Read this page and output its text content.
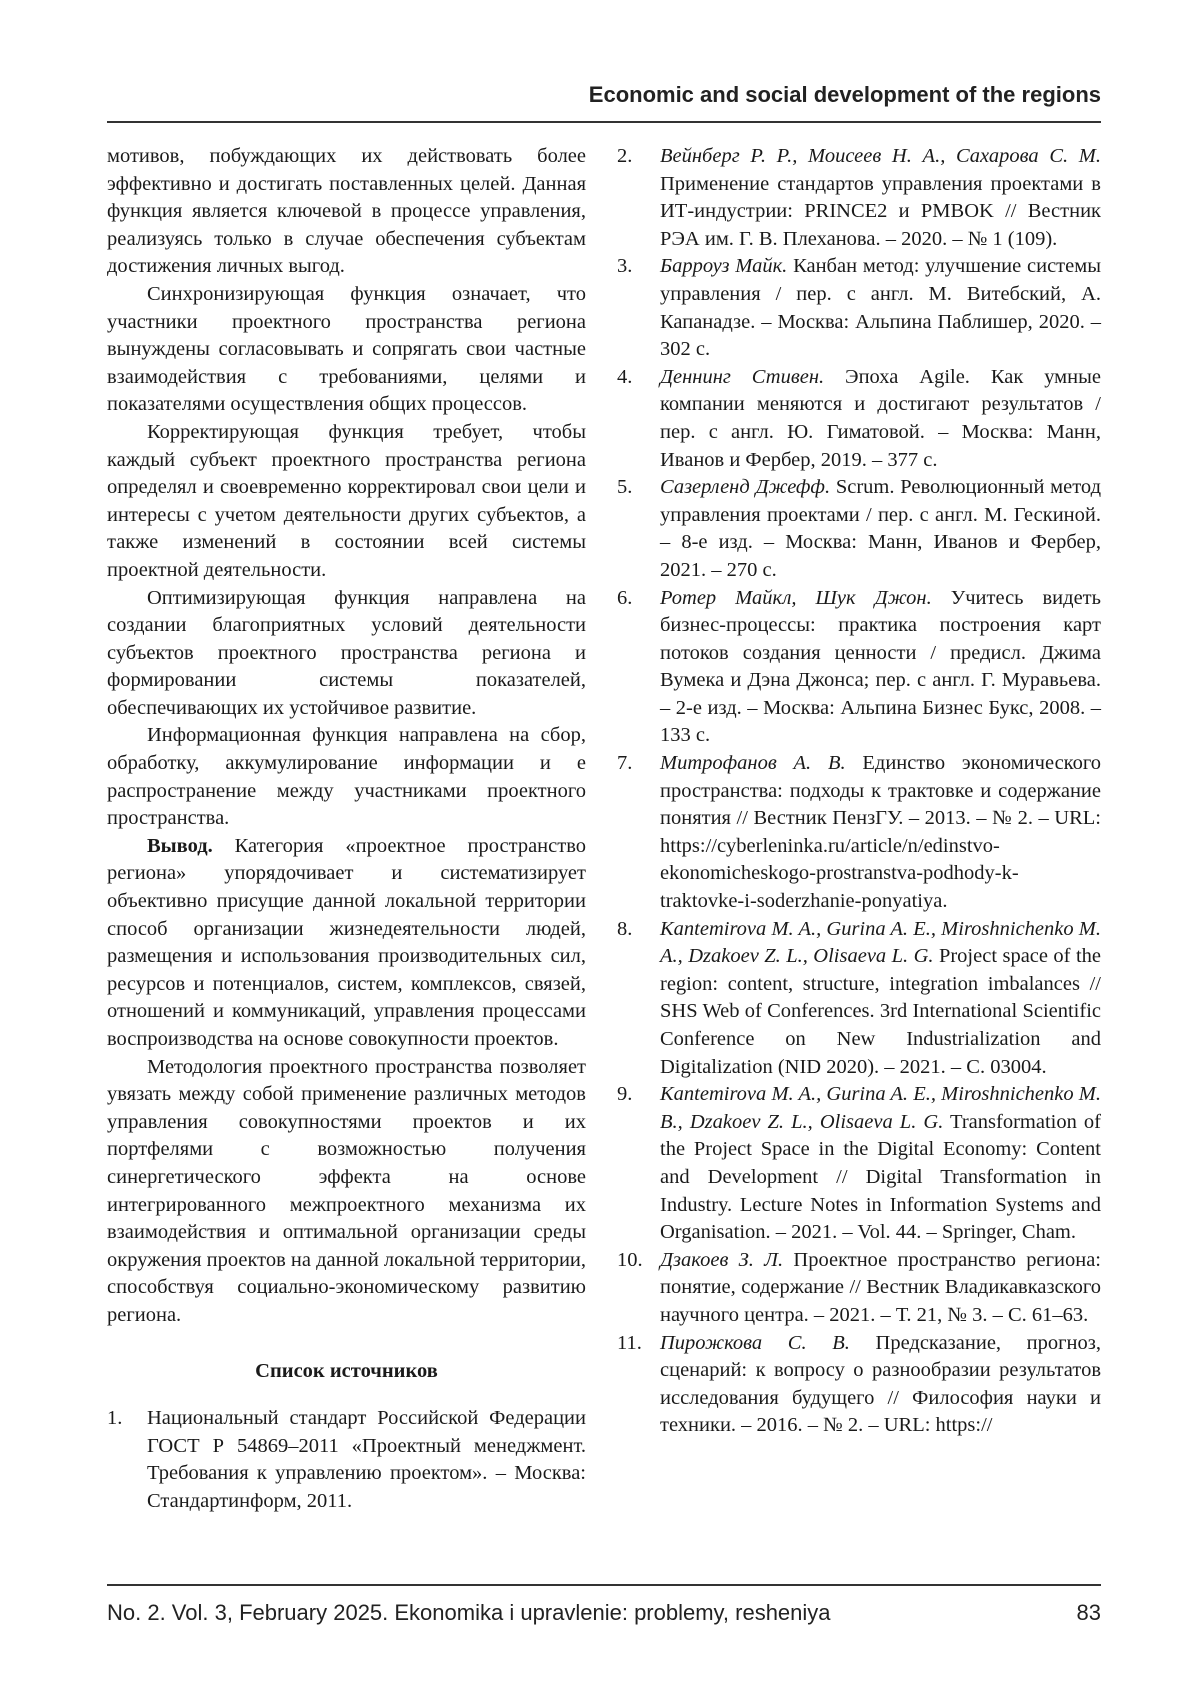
Economic and social development of the regions

мотивов, побуждающих их действовать более эффективно и достигать поставленных целей. Данная функция является ключевой в процессе управления, реализуясь только в случае обеспечения субъектам достижения личных выгод.

Синхронизирующая функция означает, что участники проектного пространства региона вынуждены согласовывать и сопрягать свои частные взаимодействия с требованиями, целями и показателями осуществления общих процессов.

Корректирующая функция требует, чтобы каждый субъект проектного пространства региона определял и своевременно корректировал свои цели и интересы с учетом деятельности других субъектов, а также изменений в состоянии всей системы проектной деятельности.

Оптимизирующая функция направлена на создании благоприятных условий деятельности субъектов проектного пространства региона и формировании системы показателей, обеспечивающих их устойчивое развитие.

Информационная функция направлена на сбор, обработку, аккумулирование информации и е распространение между участниками проектного пространства.

Вывод. Категория «проектное пространство региона» упорядочивает и систематизирует объективно присущие данной локальной территории способ организации жизнедеятельности людей, размещения и использования производительных сил, ресурсов и потенциалов, систем, комплексов, связей, отношений и коммуникаций, управления процессами воспроизводства на основе совокупности проектов.

Методология проектного пространства позволяет увязать между собой применение различных методов управления совокупностями проектов и их портфелями с возможностью получения синергетического эффекта на основе интегрированного межпроектного механизма их взаимодействия и оптимальной организации среды окружения проектов на данной локальной территории, способствуя социально-экономическому развитию региона.

Список источников
1.	Национальный стандарт Российской Федерации ГОСТ Р 54869–2011 «Проектный менеджмент. Требования к управлению проектом». – Москва: Стандартинформ, 2011.
2.	Вейнберг Р. Р., Моисеев Н. А., Сахарова С. М. Применение стандартов управления проектами в ИТ-индустрии: PRINCE2 и PMBOK // Вестник РЭА им. Г. В. Плеханова. – 2020. – № 1 (109).
3.	Барроуз Майк. Канбан метод: улучшение системы управления / пер. с англ. М. Витебский, А. Капанадзе. – Москва: Альпина Паблишер, 2020. – 302 с.
4.	Деннинг Стивен. Эпоха Agile. Как умные компании меняются и достигают результатов / пер. с англ. Ю. Гиматовой. – Москва: Манн, Иванов и Фербер, 2019. – 377 с.
5.	Сазерленд Джефф. Scrum. Революционный метод управления проектами / пер. с англ. М. Гескиной. – 8-е изд. – Москва: Манн, Иванов и Фербер, 2021. – 270 с.
6.	Ротер Майкл, Шук Джон. Учитесь видеть бизнес-процессы: практика построения карт потоков создания ценности / предисл. Джима Вумека и Дэна Джонса; пер. с англ. Г. Муравьева. – 2-е изд. – Москва: Альпина Бизнес Букс, 2008. – 133 с.
7.	Митрофанов А. В. Единство экономического пространства: подходы к трактовке и содержание понятия // Вестник ПензГУ. – 2013. – № 2. – URL: https://cyberleninka.ru/article/n/edinstvo-ekonomicheskogo-prostranstva-podhody-k-traktovke-i-soderzhanie-ponyatiya.
8.	Kantemirova M. A., Gurina A. E., Miroshnichenko M. A., Dzakoev Z. L., Olisaeva L. G. Project space of the region: content, structure, integration imbalances // SHS Web of Conferences. 3rd International Scientific Conference on New Industrialization and Digitalization (NID 2020). – 2021. – C. 03004.
9.	Kantemirova M. A., Gurina A. E., Miroshnichenko M. B., Dzakoev Z. L., Olisaeva L. G. Transformation of the Project Space in the Digital Economy: Content and Development // Digital Transformation in Industry. Lecture Notes in Information Systems and Organisation. – 2021. – Vol. 44. – Springer, Cham.
10. Дзакоев З. Л. Проектное пространство региона: понятие, содержание // Вестник Владикавказского научного центра. – 2021. – Т. 21, № 3. – С. 61–63.
11. Пирожкова С. В. Предсказание, прогноз, сценарий: к вопросу о разнообразии результатов исследования будущего // Философия науки и техники. – 2016. – № 2. – URL: https://
No. 2. Vol. 3, February 2025. Ekonomika i upravlenie: problemy, resheniya	83
